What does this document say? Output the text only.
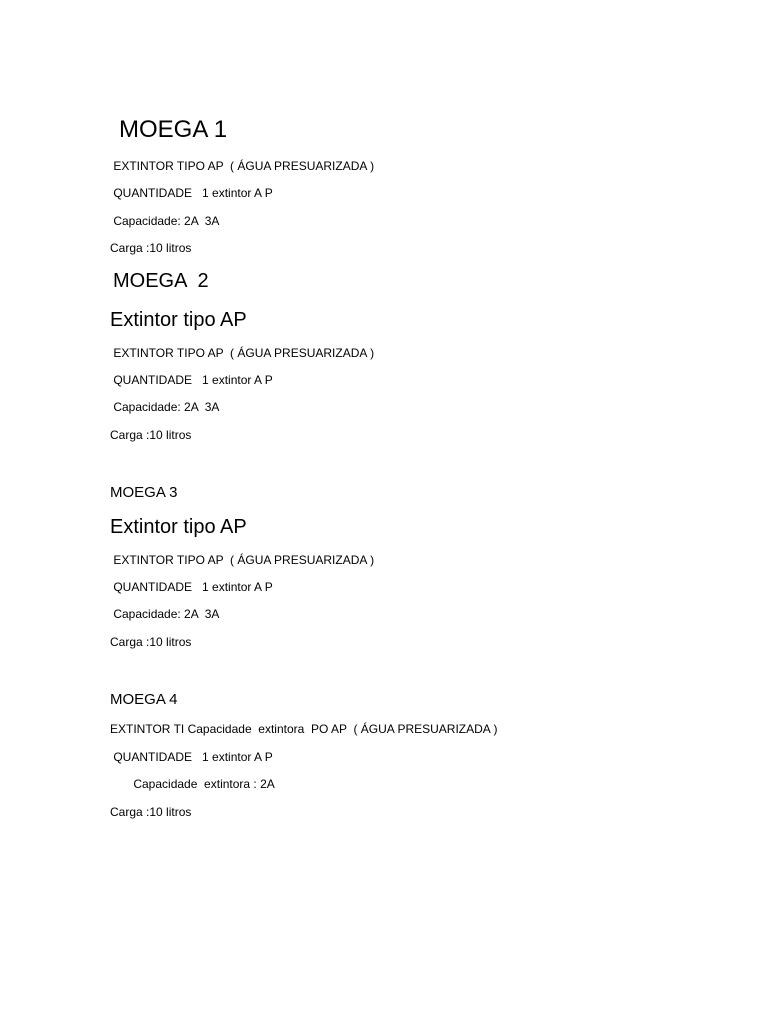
MOEGA 1
EXTINTOR TIPO AP  ( ÁGUA PRESUARIZADA )
QUANTIDADE   1 extintor A P
Capacidade: 2A  3A
Carga :10 litros
MOEGA  2
Extintor tipo AP
EXTINTOR TIPO AP  ( ÁGUA PRESUARIZADA )
QUANTIDADE   1 extintor A P
Capacidade: 2A  3A
Carga :10 litros
MOEGA 3
Extintor tipo AP
EXTINTOR TIPO AP  ( ÁGUA PRESUARIZADA )
QUANTIDADE   1 extintor A P
Capacidade: 2A  3A
Carga :10 litros
MOEGA 4
EXTINTOR TI Capacidade  extintora  PO AP  ( ÁGUA PRESUARIZADA )
QUANTIDADE   1 extintor A P
Capacidade  extintora : 2A
Carga :10 litros
